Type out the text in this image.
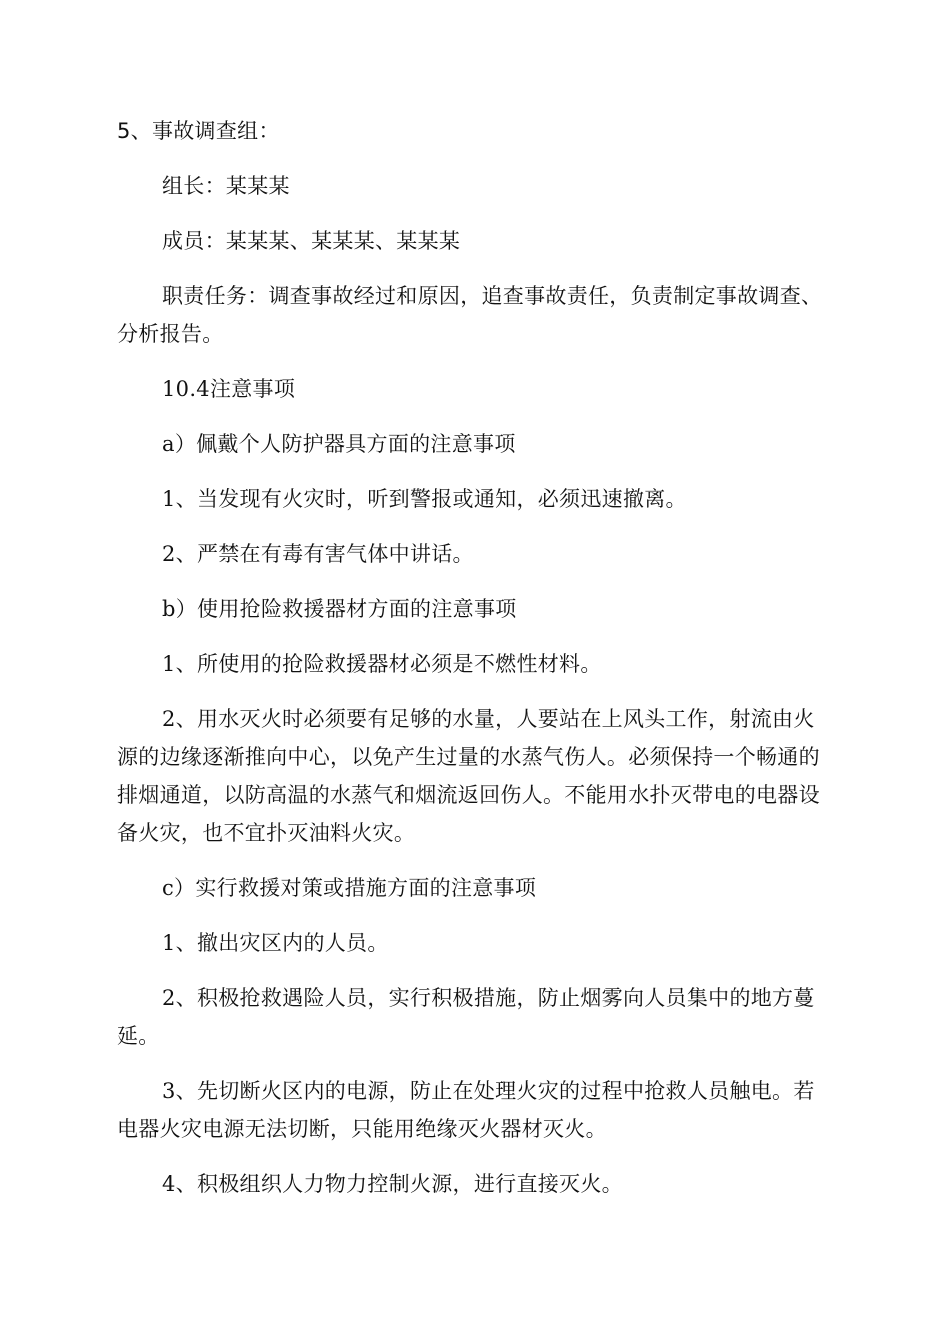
5、事故调查组：

组长：某某某

成员：某某某、某某某、某某某

职责任务：调查事故经过和原因，追查事故责任，负责制定事故调查、分析报告。

10.4注意事项

a）佩戴个人防护器具方面的注意事项

1、当发现有火灾时，听到警报或通知，必须迅速撤离。

2、严禁在有毒有害气体中讲话。

b）使用抢险救援器材方面的注意事项

1、所使用的抢险救援器材必须是不燃性材料。

2、用水灭火时必须要有足够的水量，人要站在上风头工作，射流由火源的边缘逐渐推向中心，以免产生过量的水蒸气伤人。必须保持一个畅通的排烟通道，以防高温的水蒸气和烟流返回伤人。不能用水扑灭带电的电器设备火灾，也不宜扑灭油料火灾。

c）实行救援对策或措施方面的注意事项

1、撤出灾区内的人员。

2、积极抢救遇险人员，实行积极措施，防止烟雾向人员集中的地方蔓延。

3、先切断火区内的电源，防止在处理火灾的过程中抢救人员触电。若电器火灾电源无法切断，只能用绝缘灭火器材灭火。

4、积极组织人力物力控制火源，进行直接灭火。
